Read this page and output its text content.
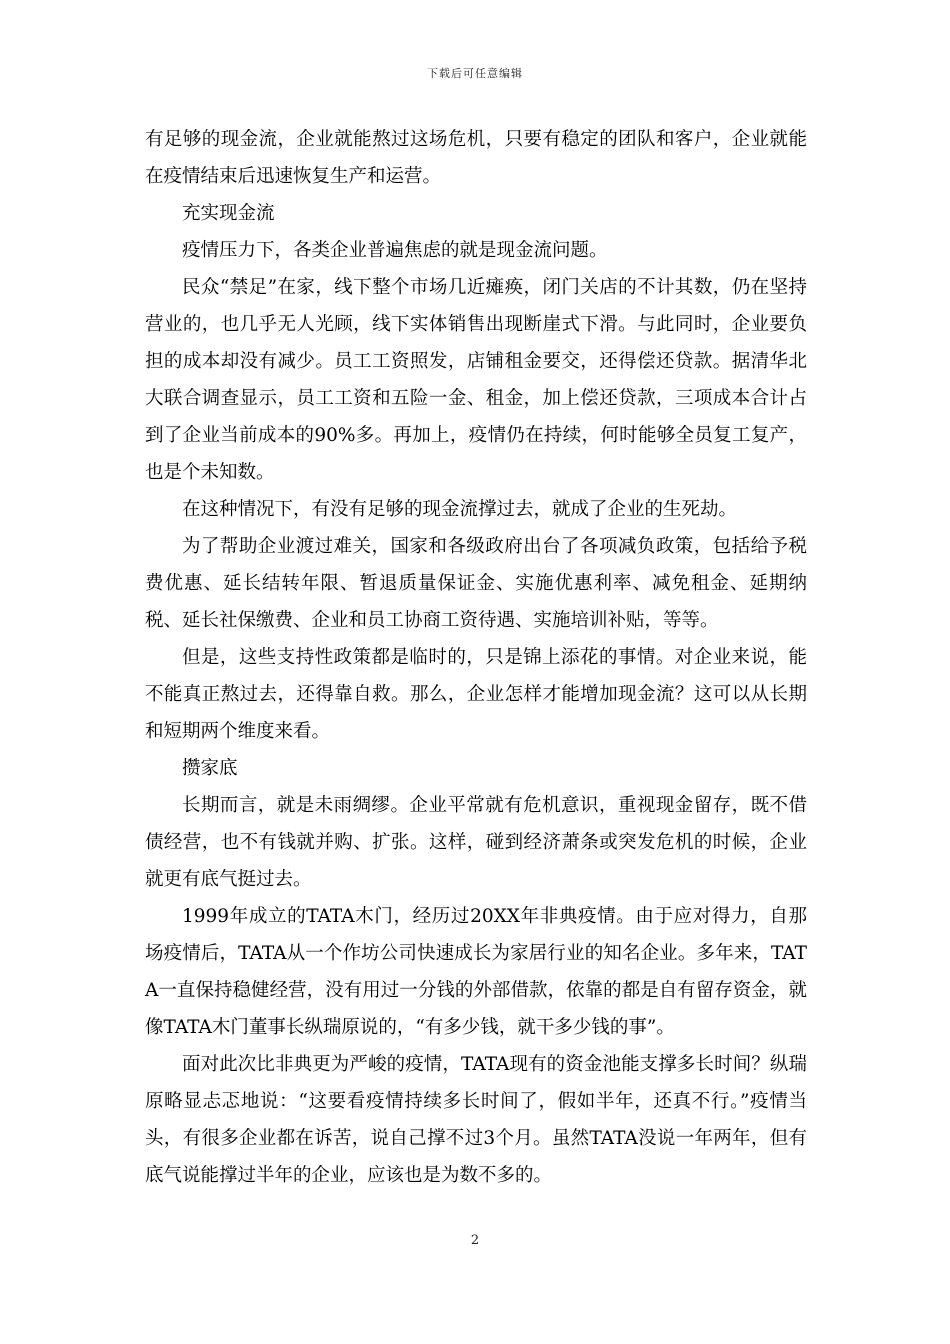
下载后可任意编辑

有足够的现金流，企业就能熬过这场危机，只要有稳定的团队和客户，企业就能在疫情结束后迅速恢复生产和运营。

充实现金流

疫情压力下，各类企业普遍焦虑的就是现金流问题。

民众“禁足”在家，线下整个市场几近瘫痪，闭门关店的不计其数，仍在坚持营业的，也几乎无人光顾，线下实体销售出现断崖式下滑。与此同时，企业要负担的成本却没有减少。员工工资照发，店铺租金要交，还得偿还贷款。据清华北大联合调查显示，员工工资和五险一金、租金，加上偿还贷款，三项成本合计占到了企业当前成本的90%多。再加上，疫情仍在持续，何时能够全员复工复产，也是个未知数。

在这种情况下，有没有足够的现金流撑过去，就成了企业的生死劫。

为了帮助企业渡过难关，国家和各级政府出台了各项减负政策，包括给予税费优惠、延长结转年限、暂退质量保证金、实施优惠利率、减免租金、延期纳税、延长社保缴费、企业和员工协商工资待遇、实施培训补贴，等等。

但是，这些支持性政策都是临时的，只是锦上添花的事情。对企业来说，能不能真正熬过去，还得靠自救。那么，企业怎样才能增加现金流？这可以从长期和短期两个维度来看。

攒家底

长期而言，就是未雨绸缪。企业平常就有危机意识，重视现金留存，既不借债经营，也不有钱就并购、扩张。这样，碰到经济萧条或突发危机的时候，企业就更有底气挺过去。

1999年成立的TATA木门，经历过20XX年非典疫情。由于应对得力，自那场疫情后，TATA从一个作坊公司快速成长为家居行业的知名企业。多年来，TATA一直保持稳健经营，没有用过一分钱的外部借款，依靠的都是自有留存资金，就像TATA木门董事长纵瑞原说的，“有多少钱，就干多少钱的事”。

面对此次比非典更为严峻的疫情，TATA现有的资金池能支撑多长时间？纵瑞原略显忐忑地说：“这要看疫情持续多长时间了，假如半年，还真不行。”疫情当头，有很多企业都在诉苦，说自己撑不过3个月。虽然TATA没说一年两年，但有底气说能撑过半年的企业，应该也是为数不多的。

2
